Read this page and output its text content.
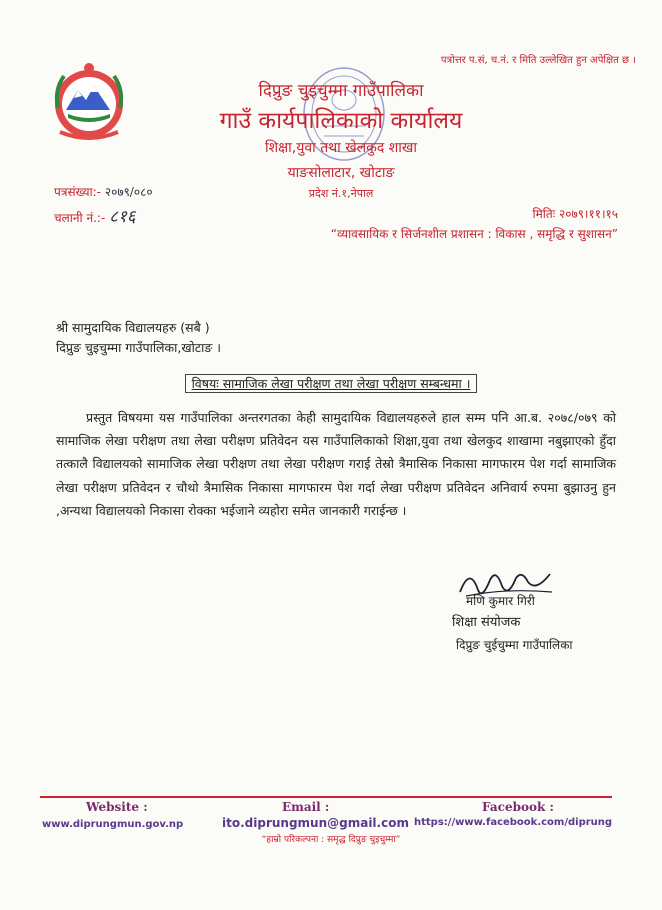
पत्रोत्तर प.सं, च.नं. र मिति उल्लेखित हुन अपेक्षित छ ।
दिप्रुङ चुइचुम्मा गाउँपालिका
गाउँ कार्यपालिकाको कार्यालय
शिक्षा,युवा तथा खेलकुद शाखा
याङसोलाटार, खोटाङ
प्रदेश नं.१,नेपाल
पत्रसंख्या:- २०७९/०८०
चलानी नं.:- ८१६	मितिः २०७९।११।१५
“व्यावसायिक र सिर्जनशील प्रशासन : विकास , समृद्धि र सुशासन”
श्री सामुदायिक विद्यालयहरु (सबै )
दिप्रुङ चुइचुम्मा गाउँपालिका,खोटाङ ।
विषयः सामाजिक लेखा परीक्षण तथा लेखा परीक्षण सम्बन्धमा ।
प्रस्तुत विषयमा यस गाउँपालिका अन्तरगतका केही सामुदायिक विद्यालयहरुले हाल सम्म पनि आ.ब. २०७८/०७९ को सामाजिक लेखा परीक्षण तथा लेखा परीक्षण प्रतिवेदन यस गाउँपालिकाको शिक्षा,युवा तथा खेलकुद शाखामा नबुझाएको हुँदा तत्काल‍ै विद्यालयको सामाजिक लेखा परीक्षण तथा लेखा परीक्षण गराई तेस्रो त्रैमासिक निकासा मागफारम पेश गर्दा सामाजिक लेखा परीक्षण प्रतिवेदन र चौथो त्रैमासिक निकासा मागफारम पेश गर्दा लेखा परीक्षण प्रतिवेदन अनिवार्य रुपमा बुझाउनु हुन ,अन्यथा विद्यालयको निकासा रोक्का भईजाने व्यहोरा समेत जानकारी गराईन्छ ।
मणि कुमार गिरी
शिक्षा संयोजक
दिप्रुङ चुईचुम्मा गाउँपालिका
Website :
www.diprungmun.gov.np
Email :
ito.diprungmun@gmail.com
Facebook :
https://www.facebook.com/diprung
“हाम्रो परिकल्पना : समृद्ध दिप्रुङ चुइचुम्मा”
